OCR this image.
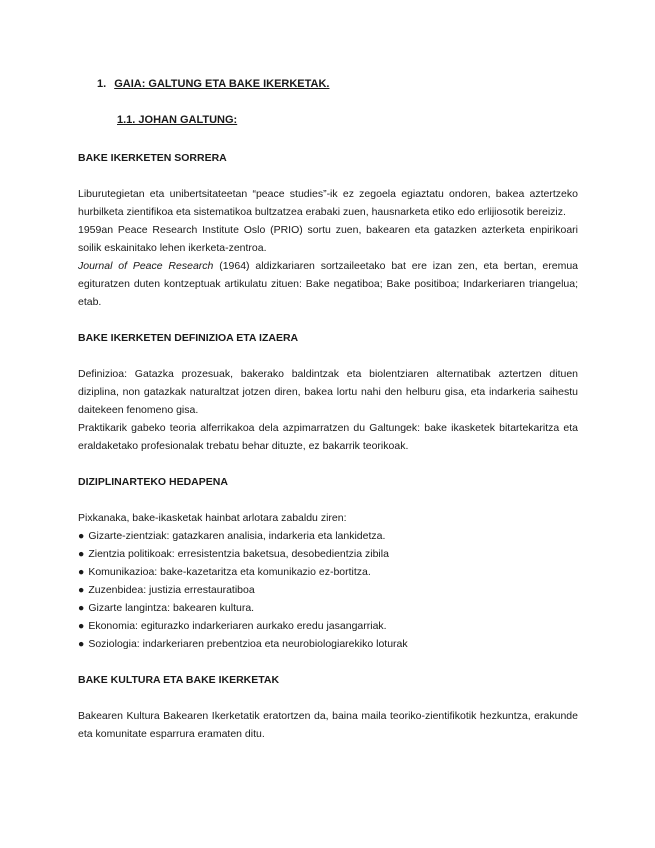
1. GAIA: GALTUNG ETA BAKE IKERKETAK.
1.1. JOHAN GALTUNG:
BAKE IKERKETEN SORRERA

Liburutegietan eta unibertsitateetan “peace studies”-ik ez zegoela egiaztatu ondoren, bakea aztertzeko hurbilketa zientifikoa eta sistematikoa bultzatzea erabaki zuen, hausnarketa etiko edo erlijiosotik bereiziz.

1959an Peace Research Institute Oslo (PRIO) sortu zuen, bakearen eta gatazken azterketa enpirikoari soilik eskainitako lehen ikerketa-zentroa.

Journal of Peace Research (1964) aldizkariaren sortzaileetako bat ere izan zen, eta bertan, eremua egituratzen duten kontzeptuak artikulatu zituen: Bake negatiboa; Bake positiboa; Indarkeriaren triangelua; etab.

BAKE IKERKETEN DEFINIZIOA ETA IZAERA

Definizioa: Gatazka prozesuak, bakerako baldintzak eta biolentziaren alternatibak aztertzen dituen diziplina, non gatazkak naturaltzat jotzen diren, bakea lortu nahi den helburu gisa, eta indarkeria saihestu daitekeen fenomeno gisa.

Praktikarik gabeko teoria alferrikakoa dela azpimarratzen du Galtungek: bake ikasketek bitartekaritza eta eraldaketako profesionalak trebatu behar dituzte, ez bakarrik teorikoak.

DIZIPLINARTEKO HEDAPENA

Pixkanaka, bake-ikasketak hainbat arlotara zabaldu ziren:

● Gizarte-zientziak: gatazkaren analisia, indarkeria eta lankidetza.
● Zientzia politikoak: erresistentzia baketsua, desobedientzia zibila
● Komunikazioa: bake-kazetaritza eta komunikazio ez-bortitza.
● Zuzenbidea: justizia errestauratiboa
● Gizarte langintza: bakearen kultura.
● Ekonomia: egiturazko indarkeriaren aurkako eredu jasangarriak.
● Soziologia: indarkeriaren prebentzioa eta neurobiologiarekiko loturak
BAKE KULTURA ETA BAKE IKERKETAK

Bakearen Kultura Bakearen Ikerketatik eratortzen da, baina maila teoriko-zientifikotik hezkuntza, erakunde eta komunitate esparrura eramaten ditu.
